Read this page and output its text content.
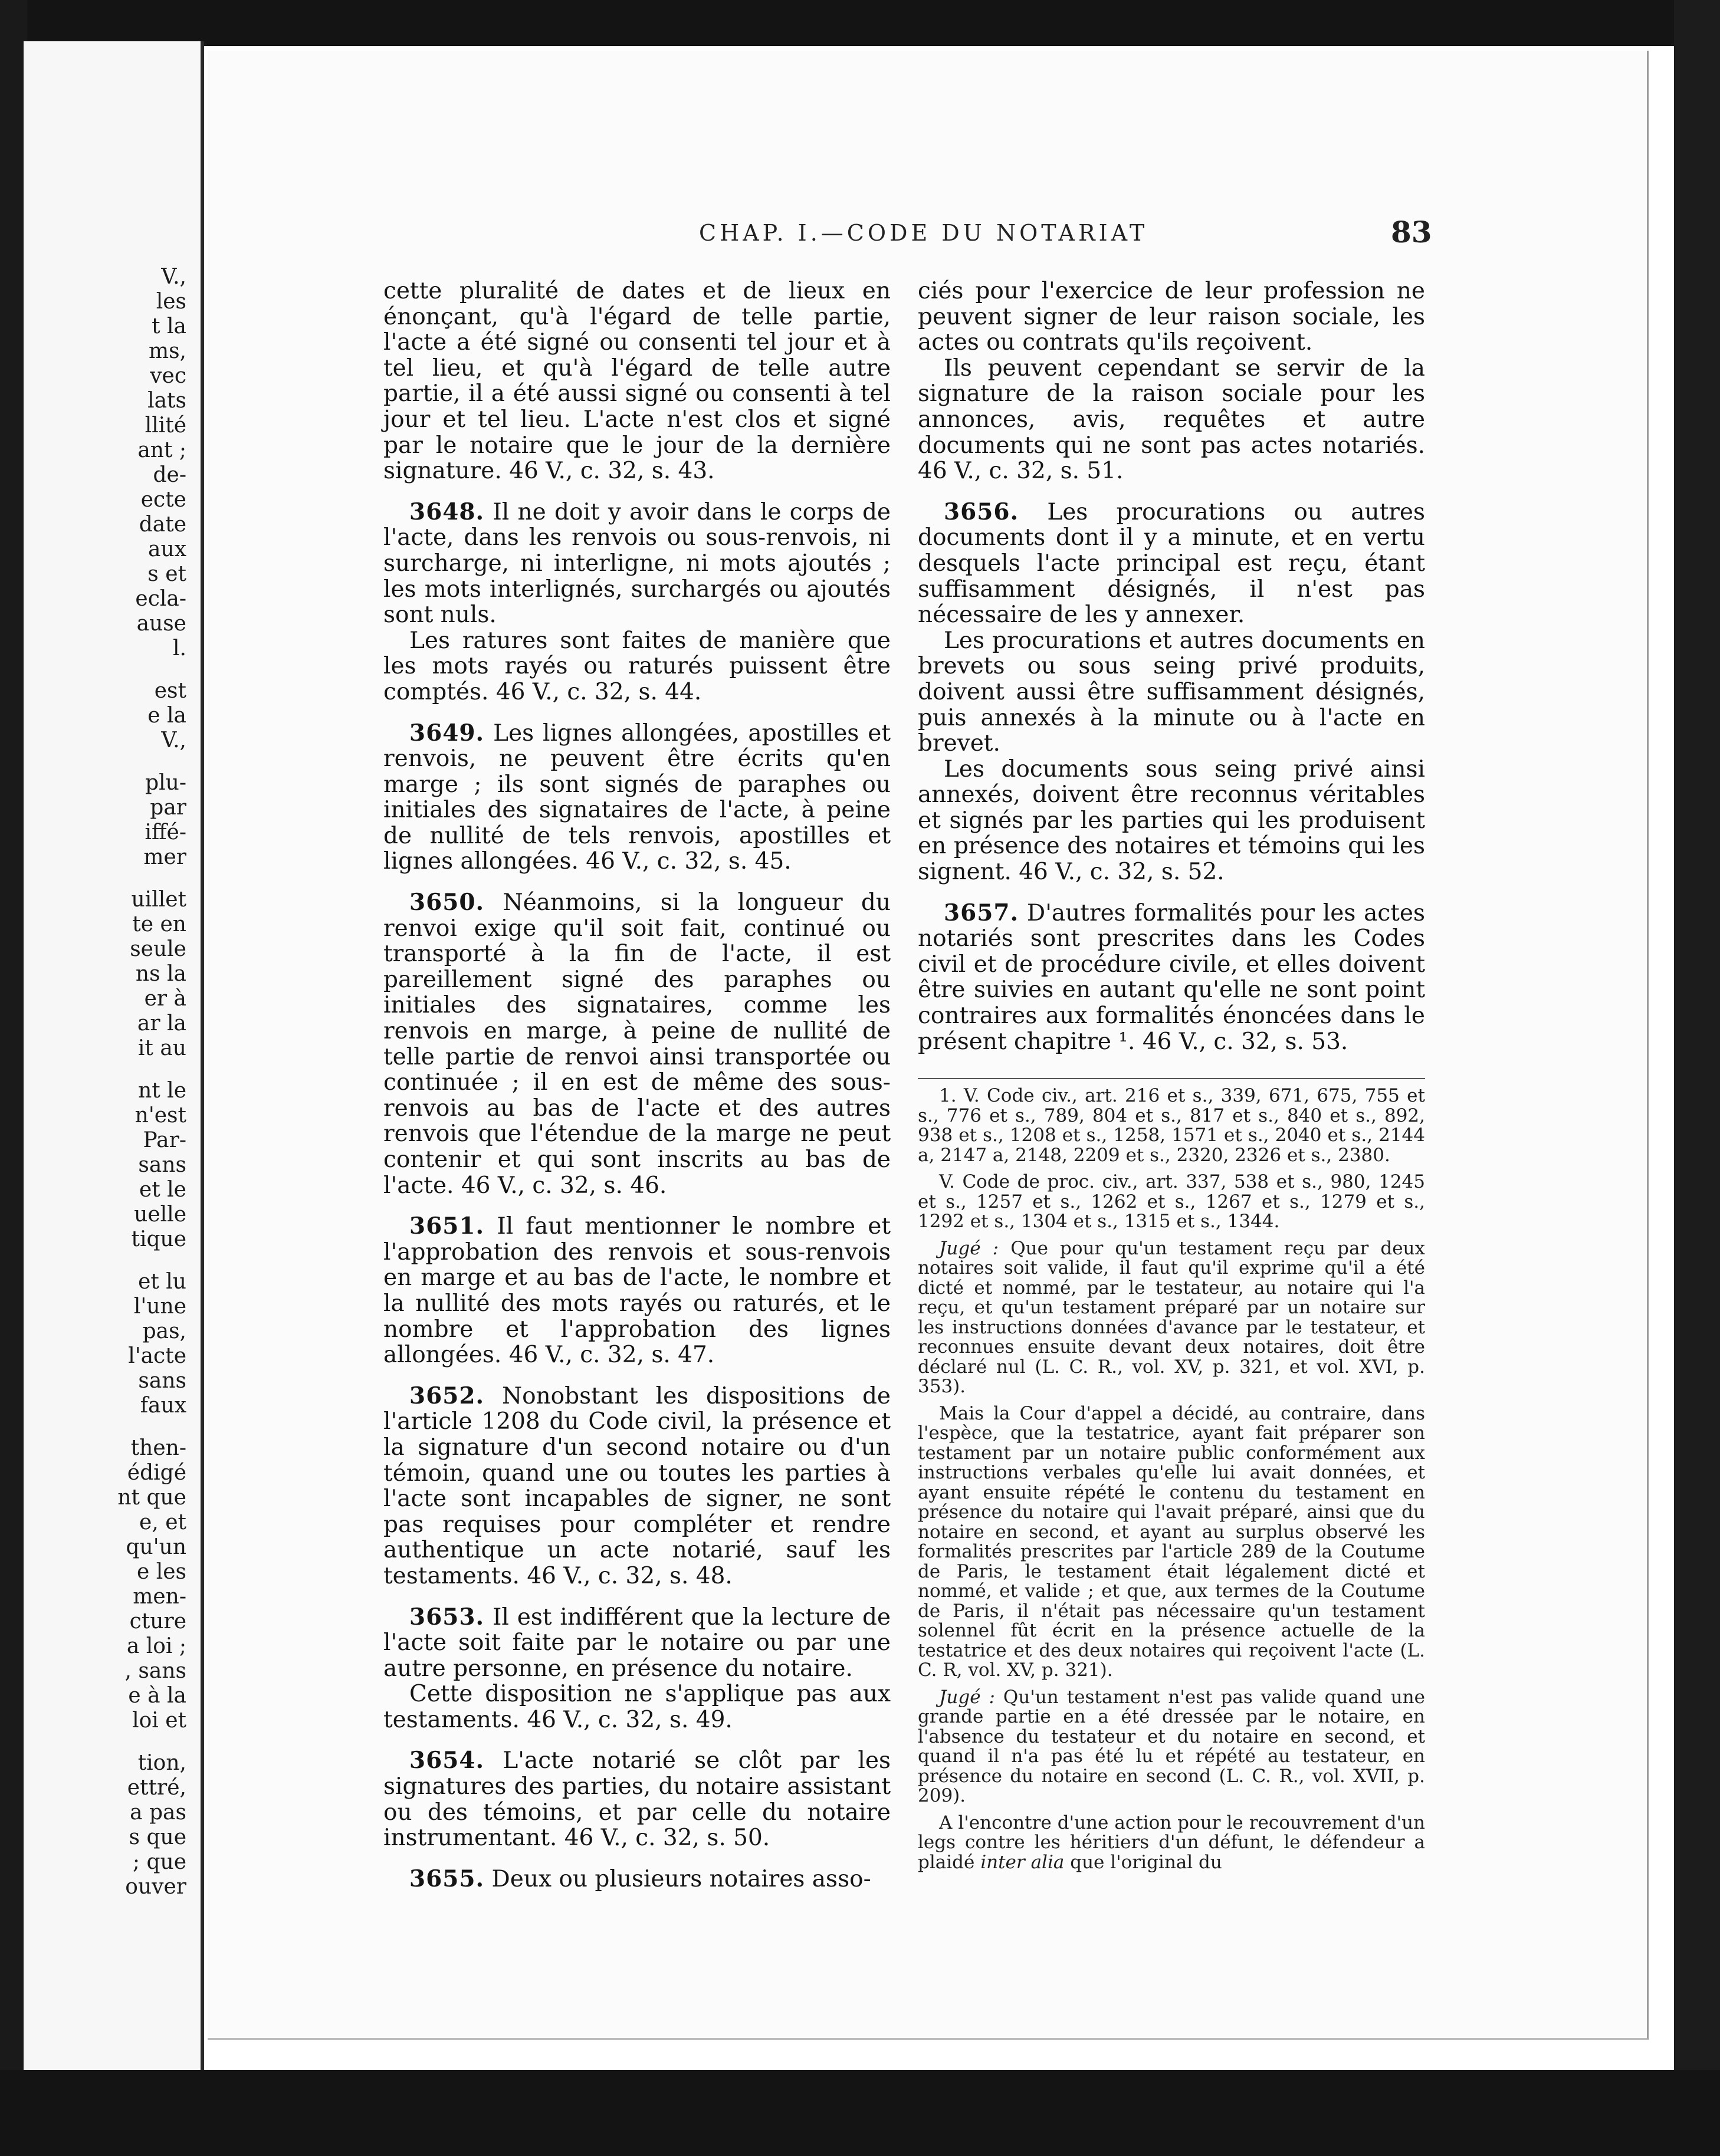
V.,
les
t la
ms,
vec
lats
llité
ant ;
de-
ecte
date
aux
s et
ecla-
ause
l.
est
e la
V.,
plu-
par
iffé-
mer
uillet
te en
seule
ns la
er à
ar la
it au
nt le
n'est
Par-
sans
et le
uelle
tique
et lu
l'une
pas,
l'acte
sans
faux
then-
édigé
nt que
e, et
qu'un
e les
men-
cture
a loi ;
, sans
e à la
loi et
tion,
ettré,
a pas
s que
; que
ouver
CHAP. I.—CODE DU NOTARIAT	83

cette pluralité de dates et de lieux en énonçant, qu'à l'égard de telle partie, l'acte a été signé ou consenti tel jour et à tel lieu, et qu'à l'égard de telle autre partie, il a été aussi signé ou consenti à tel jour et tel lieu. L'acte n'est clos et signé par le notaire que le jour de la dernière signature. 46 V., c. 32, s. 43.

3648. Il ne doit y avoir dans le corps de l'acte, dans les renvois ou sous-renvois, ni surcharge, ni interligne, ni mots ajoutés ; les mots interlignés, surchargés ou ajoutés sont nuls.

Les ratures sont faites de manière que les mots rayés ou raturés puissent être comptés. 46 V., c. 32, s. 44.

3649. Les lignes allongées, apostilles et renvois, ne peuvent être écrits qu'en marge ; ils sont signés de paraphes ou initiales des signataires de l'acte, à peine de nullité de tels renvois, apostilles et lignes allongées. 46 V., c. 32, s. 45.

3650. Néanmoins, si la longueur du renvoi exige qu'il soit fait, continué ou transporté à la fin de l'acte, il est pareillement signé des paraphes ou initiales des signataires, comme les renvois en marge, à peine de nullité de telle partie de renvoi ainsi transportée ou continuée ; il en est de même des sous-renvois au bas de l'acte et des autres renvois que l'étendue de la marge ne peut contenir et qui sont inscrits au bas de l'acte. 46 V., c. 32, s. 46.

3651. Il faut mentionner le nombre et l'approbation des renvois et sous-renvois en marge et au bas de l'acte, le nombre et la nullité des mots rayés ou raturés, et le nombre et l'approbation des lignes allongées. 46 V., c. 32, s. 47.

3652. Nonobstant les dispositions de l'article 1208 du Code civil, la présence et la signature d'un second notaire ou d'un témoin, quand une ou toutes les parties à l'acte sont incapables de signer, ne sont pas requises pour compléter et rendre authentique un acte notarié, sauf les testaments. 46 V., c. 32, s. 48.

3653. Il est indifférent que la lecture de l'acte soit faite par le notaire ou par une autre personne, en présence du notaire.

Cette disposition ne s'applique pas aux testaments. 46 V., c. 32, s. 49.

3654. L'acte notarié se clôt par les signatures des parties, du notaire assistant ou des témoins, et par celle du notaire instrumentant. 46 V., c. 32, s. 50.

3655. Deux ou plusieurs notaires asso-

ciés pour l'exercice de leur profession ne peuvent signer de leur raison sociale, les actes ou contrats qu'ils reçoivent.

Ils peuvent cependant se servir de la signature de la raison sociale pour les annonces, avis, requêtes et autre documents qui ne sont pas actes notariés. 46 V., c. 32, s. 51.

3656. Les procurations ou autres documents dont il y a minute, et en vertu desquels l'acte principal est reçu, étant suffisamment désignés, il n'est pas nécessaire de les y annexer.

Les procurations et autres documents en brevets ou sous seing privé produits, doivent aussi être suffisamment désignés, puis annexés à la minute ou à l'acte en brevet.

Les documents sous seing privé ainsi annexés, doivent être reconnus véritables et signés par les parties qui les produisent en présence des notaires et témoins qui les signent. 46 V., c. 32, s. 52.

3657. D'autres formalités pour les actes notariés sont prescrites dans les Codes civil et de procédure civile, et elles doivent être suivies en autant qu'elle ne sont point contraires aux formalités énoncées dans le présent chapitre ¹. 46 V., c. 32, s. 53.

1. V. Code civ., art. 216 et s., 339, 671, 675, 755 et s., 776 et s., 789, 804 et s., 817 et s., 840 et s., 892, 938 et s., 1208 et s., 1258, 1571 et s., 2040 et s., 2144 a, 2147 a, 2148, 2209 et s., 2320, 2326 et s., 2380.

V. Code de proc. civ., art. 337, 538 et s., 980, 1245 et s., 1257 et s., 1262 et s., 1267 et s., 1279 et s., 1292 et s., 1304 et s., 1315 et s., 1344.

Jugé : Que pour qu'un testament reçu par deux notaires soit valide, il faut qu'il exprime qu'il a été dicté et nommé, par le testateur, au notaire qui l'a reçu, et qu'un testament préparé par un notaire sur les instructions données d'avance par le testateur, et reconnues ensuite devant deux notaires, doit être déclaré nul (L. C. R., vol. XV, p. 321, et vol. XVI, p. 353).

Mais la Cour d'appel a décidé, au contraire, dans l'espèce, que la testatrice, ayant fait préparer son testament par un notaire public conformément aux instructions verbales qu'elle lui avait données, et ayant ensuite répété le contenu du testament en présence du notaire qui l'avait préparé, ainsi que du notaire en second, et ayant au surplus observé les formalités prescrites par l'article 289 de la Coutume de Paris, le testament était légalement dicté et nommé, et valide ; et que, aux termes de la Coutume de Paris, il n'était pas nécessaire qu'un testament solennel fût écrit en la présence actuelle de la testatrice et des deux notaires qui reçoivent l'acte (L. C. R, vol. XV, p. 321).

Jugé : Qu'un testament n'est pas valide quand une grande partie en a été dressée par le notaire, en l'absence du testateur et du notaire en second, et quand il n'a pas été lu et répété au testateur, en présence du notaire en second (L. C. R., vol. XVII, p. 209).

A l'encontre d'une action pour le recouvrement d'un legs contre les héritiers d'un défunt, le défendeur a plaidé inter alia que l'original du
